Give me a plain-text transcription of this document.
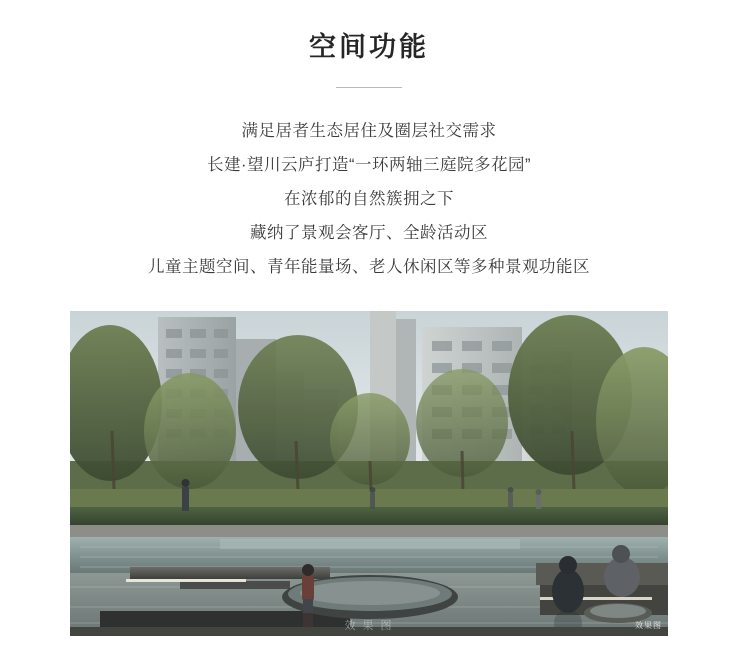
空间功能
满足居者生态居住及圈层社交需求
长建·望川云庐打造“一环两轴三庭院多花园”
在浓郁的自然簇拥之下
藏纳了景观会客厅、全龄活动区
儿童主题空间、青年能量场、老人休闲区等多种景观功能区
效果图
效 果 图
